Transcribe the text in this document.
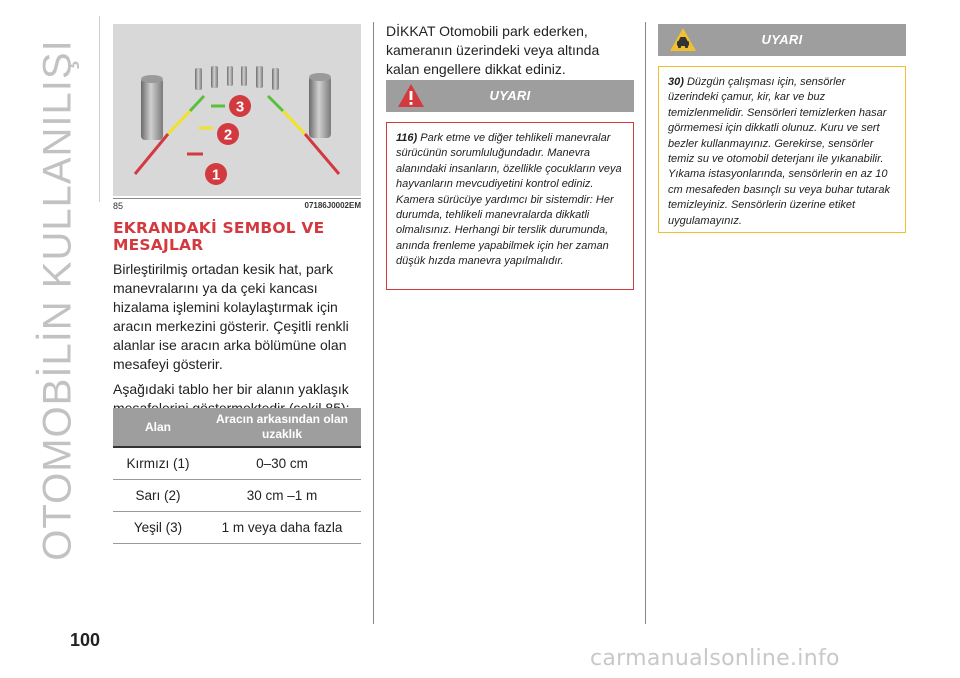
OTOMOBİLİN KULLANILIŞI	3
2
1
85	07186J0002EM
EKRANDAKİ SEMBOL VE MESAJLAR

Birleştirilmiş ortadan kesik hat, park manevralarını ya da çeki kancası hizalama işlemini kolaylaştırmak için aracın merkezini gösterir. Çeşitli renkli alanlar ise aracın arka bölümüne olan mesafeyi gösterir.

Aşağıdaki tablo her bir alanın yaklaşık

Alan	Aracın arkasından olan uzaklık
Kırmızı (1)	0–30 cm
Sarı (2)	30 cm –1 m
Yeşil (3)	1 m veya daha fazla

DİKKAT Otomobili park ederken, kameranın üzerindeki veya altında kalan engellere dikkat ediniz.

UYARI
116) Park etme ve diğer tehlikeli manevralar sürücünün sorumluluğundadır. Manevra alanındaki insanların, özellikle çocukların veya hayvanların mevcudiyetini kontrol ediniz. Kamera sürücüye yardımcı bir sistemdir: Her durumda, tehlikeli manevralarda dikkatli olmalısınız. Herhangi bir terslik durumunda, anında frenleme yapabilmek için her zaman düşük hızda manevra yapılmalıdır.
UYARI
30) Düzgün çalışması için, sensörler üzerindeki çamur, kir, kar ve buz temizlenmelidir. Sensörleri temizlerken hasar görmemesi için dikkatli olunuz. Kuru ve sert bezler kullanmayınız. Gerekirse, sensörler temiz su ve otomobil deterjanı ile yıkanabilir. Yıkama istasyonlarında, sensörlerin en az 10 cm mesafeden basınçlı su veya buhar tutarak temizleyiniz. Sensörlerin üzerine etiket uygulamayınız.
100
carmanualsonline.info
